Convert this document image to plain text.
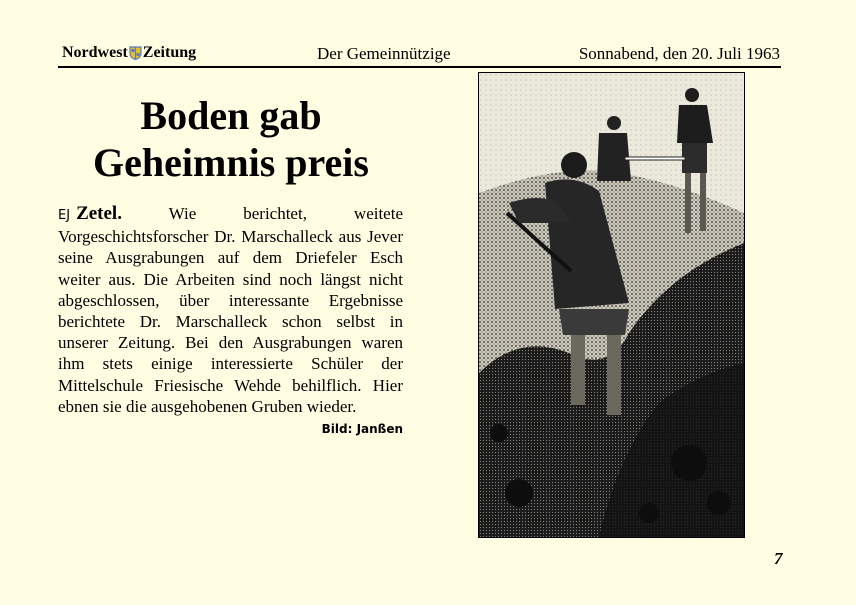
Nordwest Zeitung	Der Gemeinnützige	Sonnabend, den 20. Juli 1963
Boden gab
Geheimnis preis

EJ Zetel.	Wie berichtet, weitete Vorgeschichtsforscher Dr. Marschalleck aus Jever seine Ausgrabungen auf dem Driefeler Esch weiter aus. Die Arbeiten sind noch längst nicht abgeschlossen, über interessante Ergebnisse berichtete Dr. Marschalleck schon selbst in unserer Zeitung. Bei den Ausgrabungen waren ihm stets einige interessierte Schüler der Mittelschule Friesische Wehde behilflich. Hier ebnen sie die ausgehobenen Gruben wieder.

Bild: Janßen
7
